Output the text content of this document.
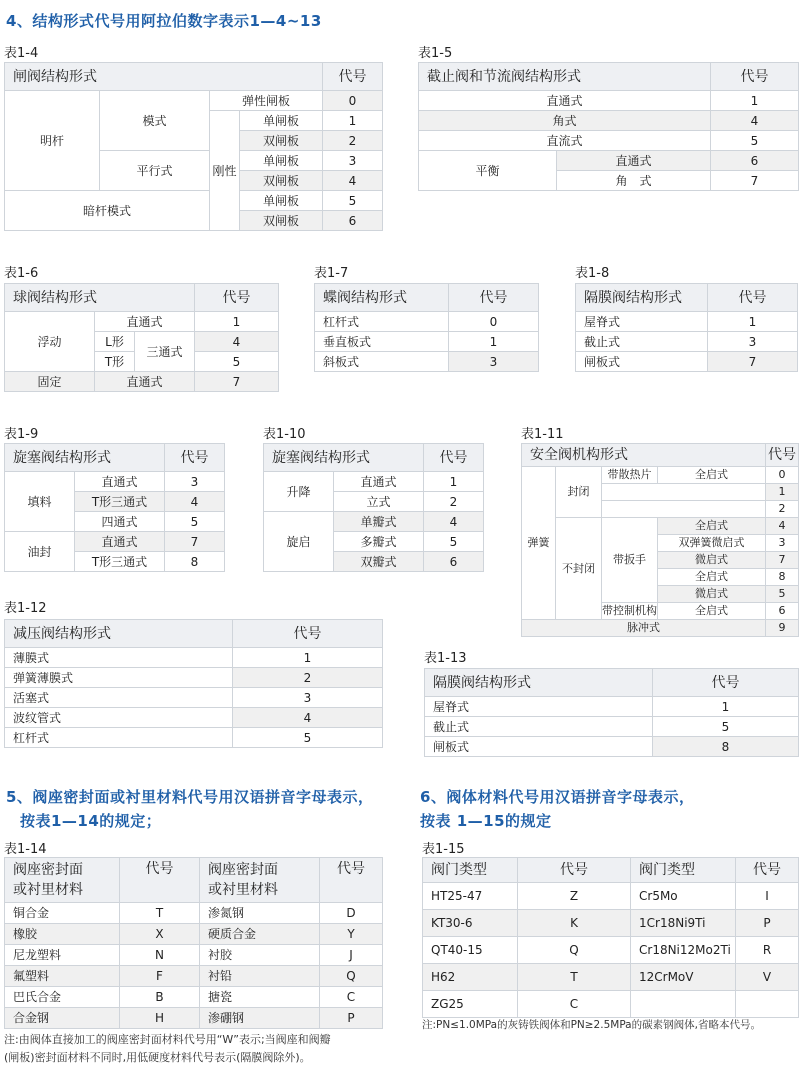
4、结构形式代号用阿拉伯数字表示1—4~13
表1-4
闸阀结构形式				代号
明杆	模式	弹性闸板		0
		刚性	单闸板	1
			双闸板	2
	平行式		单闸板	3
			双闸板	4
暗杆模式			单闸板	5
			双闸板	6
表1-5
截止阀和节流阀结构形式		代号
直通式		1
角式		4
直流式		5
平衡	直通式	6
	角　式	7
表1-6
球阀结构形式			代号
浮动	直通式		1
	L形	三通式	4
	T形		5
固定	直通式		7
表1-7
蝶阀结构形式	代号
杠杆式	0
垂直板式	1
斜板式	3
表1-8
隔膜阀结构形式	代号
屋脊式	1
截止式	3
闸板式	7
表1-9
旋塞阀结构形式		代号
填料	直通式	3
	T形三通式	4
	四通式	5
油封	直通式	7
	T形三通式	8
表1-10
旋塞阀结构形式		代号
升降	直通式	1
	立式	2
旋启	单瓣式	4
	多瓣式	5
	双瓣式	6
表1-11
安全阀机构形式				代号
弹簧	封闭	带散热片	全启式	0
				1
				2
	不封闭	带扳手	全启式	4
			双弹簧微启式	3
			微启式	7
			全启式	8
			微启式	5
		带控制机构	全启式	6
脉冲式				9
表1-12
减压阀结构形式	代号
薄膜式	1
弹簧薄膜式	2
活塞式	3
波纹管式	4
杠杆式	5
表1-13
隔膜阀结构形式	代号
屋脊式	1
截止式	5
闸板式	8
5、阀座密封面或衬里材料代号用汉语拼音字母表示，
按表1—14的规定；
6、阀体材料代号用汉语拼音字母表示，
按表 1—15的规定
表1-14
阀座密封面
或衬里材料	代号	阀座密封面
或衬里材料	代号
铜合金	T	渗氮钢	D
橡胶	X	硬质合金	Y
尼龙塑料	N	衬胶	J
氟塑料	F	衬铅	Q
巴氏合金	B	搪瓷	C
合金钢	H	渗硼钢	P
注:由阀体直接加工的阀座密封面材料代号用“W”表示;当阀座和阀瓣
(闸板)密封面材料不同时,用低硬度材料代号表示(隔膜阀除外)。
表1-15
阀门类型	代号	阀门类型	代号
HT25-47	Z	Cr5Mo	I
KT30-6	K	1Cr18Ni9Ti	P
QT40-15	Q	Cr18Ni12Mo2Ti	R
H62	T	12CrMoV	V
ZG25	C		
注:PN≤1.0MPa的灰铸铁阀体和PN≥2.5MPa的碳素钢阀体,省略本代号。
